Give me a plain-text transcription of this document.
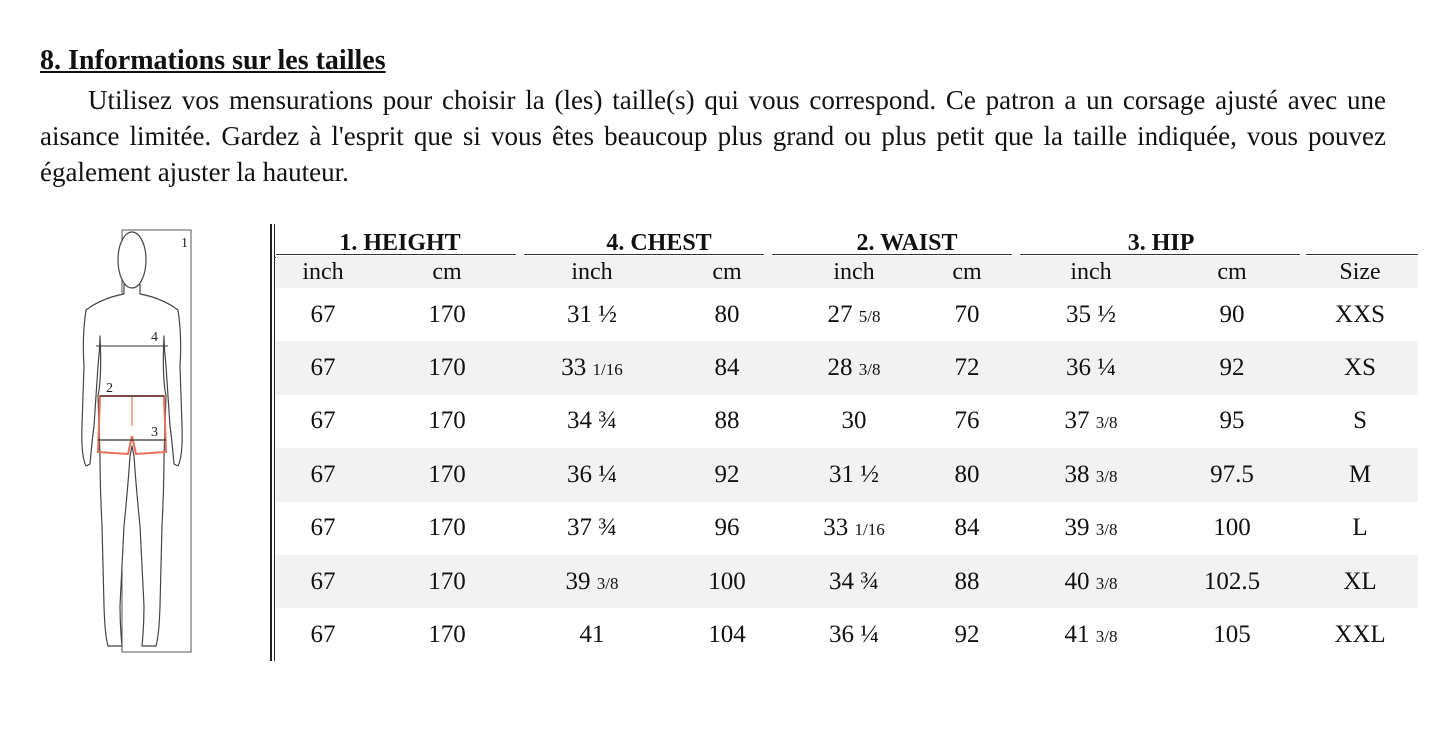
8. Informations sur les tailles

Utilisez vos mensurations pour choisir la (les) taille(s) qui vous correspond. Ce patron a un corsage ajusté avec une aisance limitée. Gardez à l'esprit que si vous êtes beaucoup plus grand ou plus petit que la taille indiquée, vous pouvez également ajuster la hauteur.

1
2
3
4
1. HEIGHT		4. CHEST		2. WAIST		3. HIP		
inch	cm	inch	cm	inch	cm	inch	cm	Size
67	170	31 ½	80	27 5/8	70	35 ½	90	XXS
67	170	33 1/16	84	28 3/8	72	36 ¼	92	XS
67	170	34 ¾	88	30	76	37 3/8	95	S
67	170	36 ¼	92	31 ½	80	38 3/8	97.5	M
67	170	37 ¾	96	33 1/16	84	39 3/8	100	L
67	170	39 3/8	100	34 ¾	88	40 3/8	102.5	XL
67	170	41	104	36 ¼	92	41 3/8	105	XXL
